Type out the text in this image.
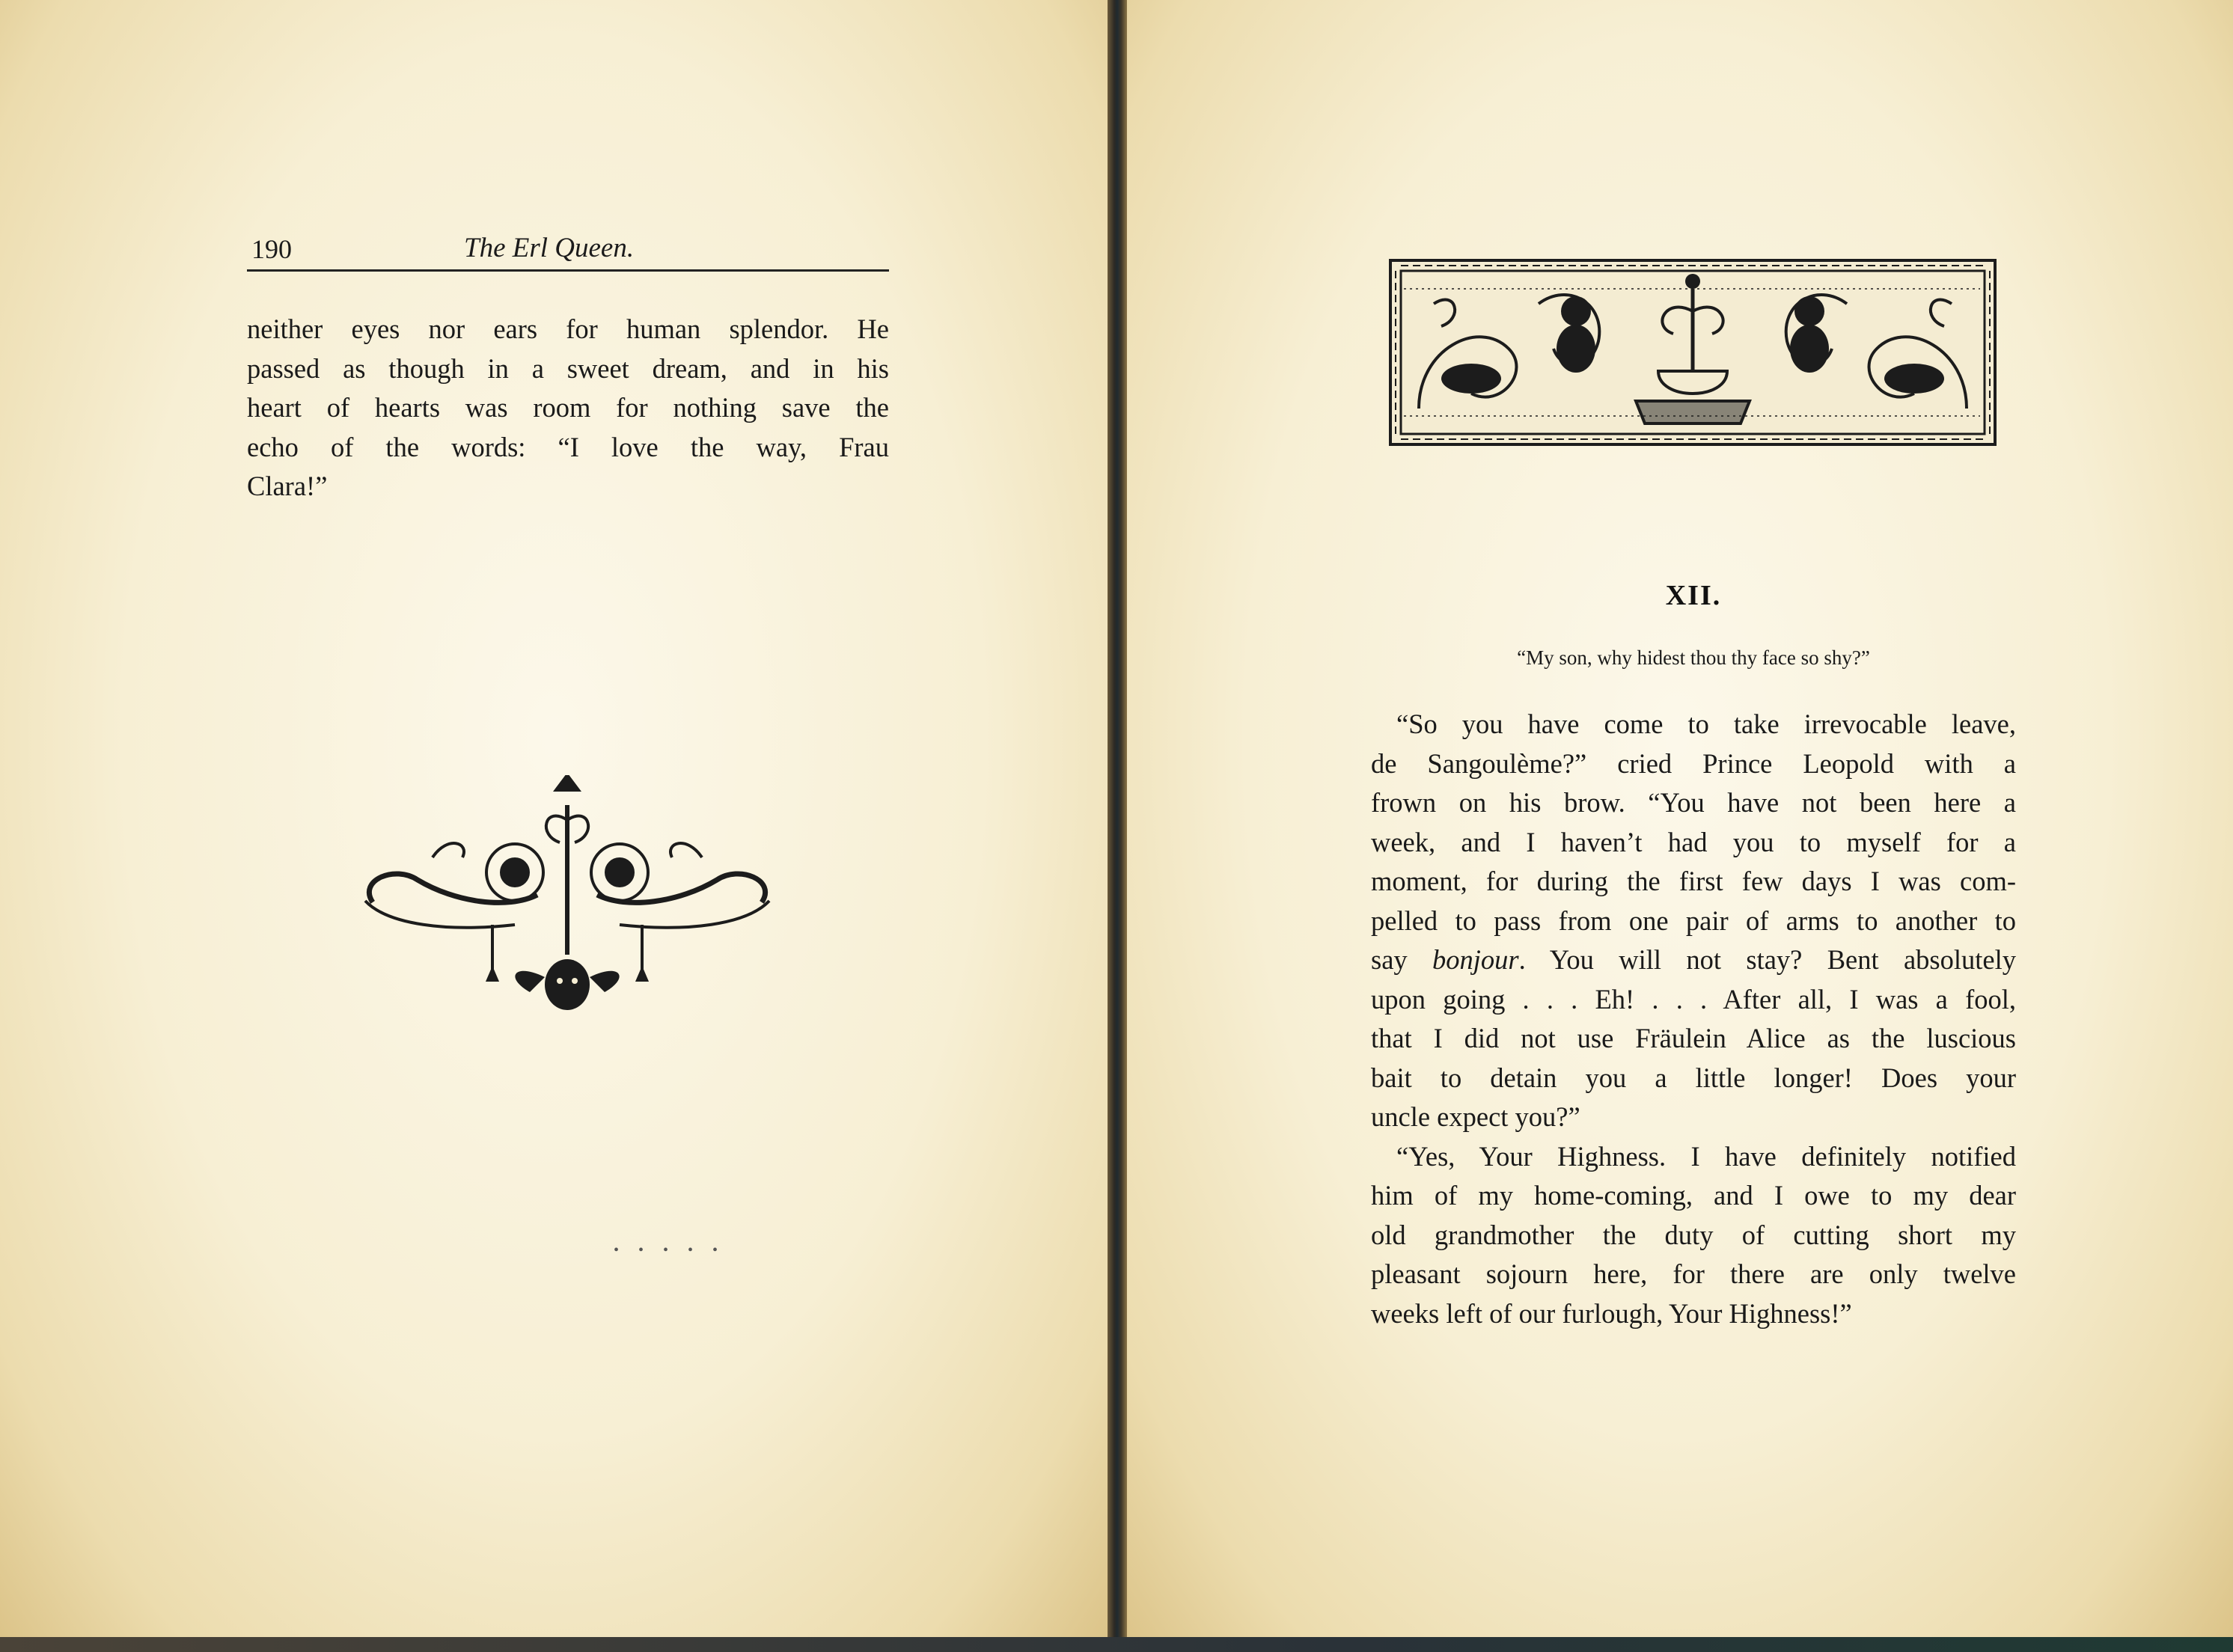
190	The Erl Queen.

neither eyes nor ears for human splendor. He
passed as though in a sweet dream, and in his
heart of hearts was room for nothing save the
echo of the words: “I love the way, Frau
Clara!”

•••••
XII.
“My son, why hidest thou thy face so shy?”

“So you have come to take irrevocable leave,
de Sangoulème?” cried Prince Leopold with a
frown on his brow. “You have not been here a
week, and I haven’t had you to myself for a
moment, for during the first few days I was com-
pelled to pass from one pair of arms to another to
say bonjour. You will not stay? Bent absolutely
upon going . . . Eh! . . . After all, I was a fool,
that I did not use Fräulein Alice as the luscious
bait to detain you a little longer! Does your
uncle expect you?”

“Yes, Your Highness. I have definitely notified
him of my home-coming, and I owe to my dear
old grandmother the duty of cutting short my
pleasant sojourn here, for there are only twelve
weeks left of our furlough, Your Highness!”
